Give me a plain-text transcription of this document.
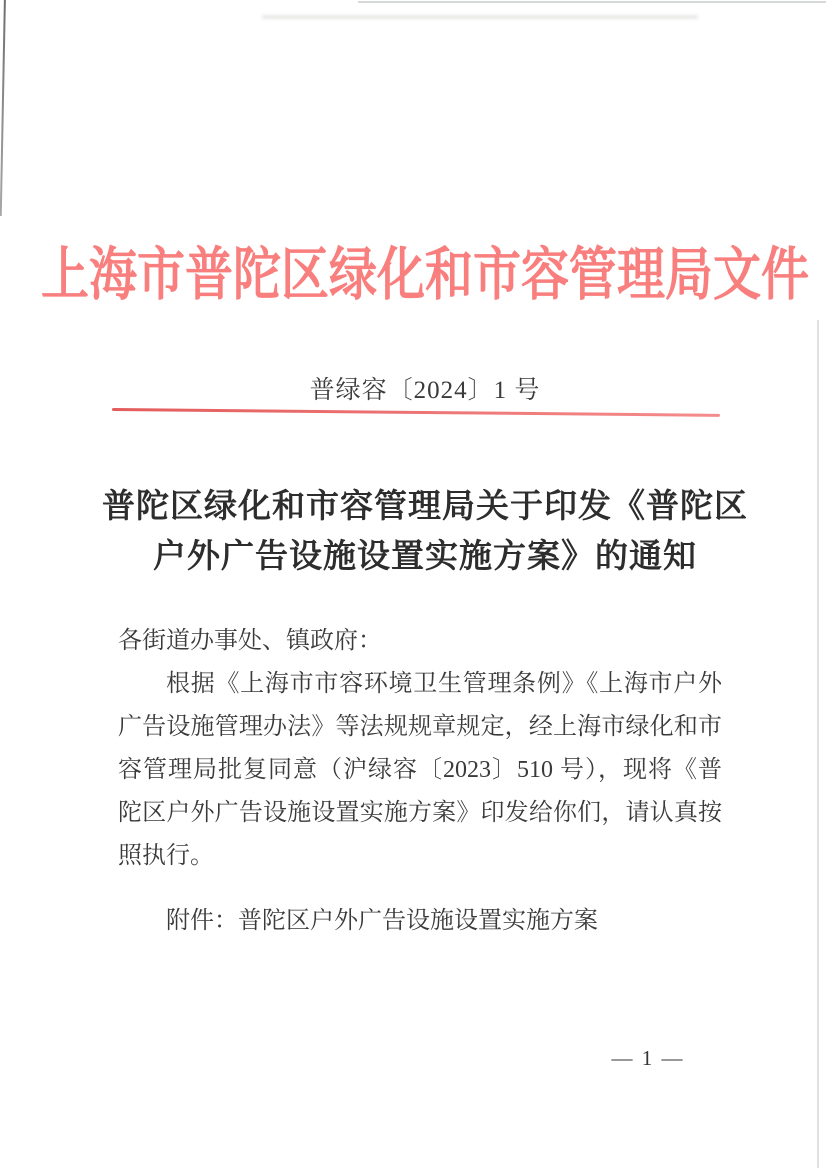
上海市普陀区绿化和市容管理局文件
普绿容〔2024〕1 号
普陀区绿化和市容管理局关于印发《普陀区
户外广告设施设置实施方案》的通知
各街道办事处、镇政府：

根据《上海市市容环境卫生管理条例》《上海市户外广告设施管理办法》等法规规章规定，经上海市绿化和市容管理局批复同意（沪绿容〔2023〕510 号），现将《普陀区户外广告设施设置实施方案》印发给你们，请认真按照执行。

附件：普陀区户外广告设施设置实施方案
— 1 —
